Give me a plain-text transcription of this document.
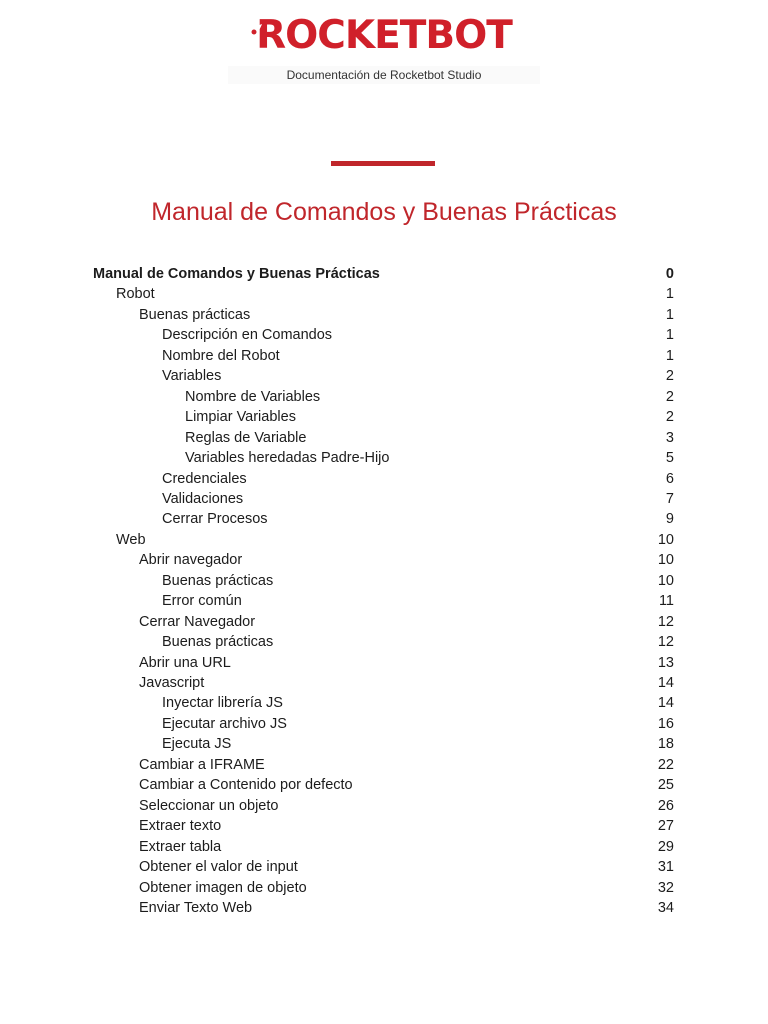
ROCKETBOT
Documentación de Rocketbot Studio
Manual de Comandos y Buenas Prácticas
Manual de Comandos y Buenas Prácticas	0
Robot	1
Buenas prácticas	1
Descripción en Comandos	1
Nombre del Robot	1
Variables	2
Nombre de Variables	2
Limpiar Variables	2
Reglas de Variable	3
Variables heredadas Padre-Hijo	5
Credenciales	6
Validaciones	7
Cerrar Procesos	9
Web	10
Abrir navegador	10
Buenas prácticas	10
Error común	11
Cerrar Navegador	12
Buenas prácticas	12
Abrir una URL	13
Javascript	14
Inyectar librería JS	14
Ejecutar archivo JS	16
Ejecuta JS	18
Cambiar a IFRAME	22
Cambiar a Contenido por defecto	25
Seleccionar un objeto	26
Extraer texto	27
Extraer tabla	29
Obtener el valor de input	31
Obtener imagen de objeto	32
Enviar Texto Web	34
